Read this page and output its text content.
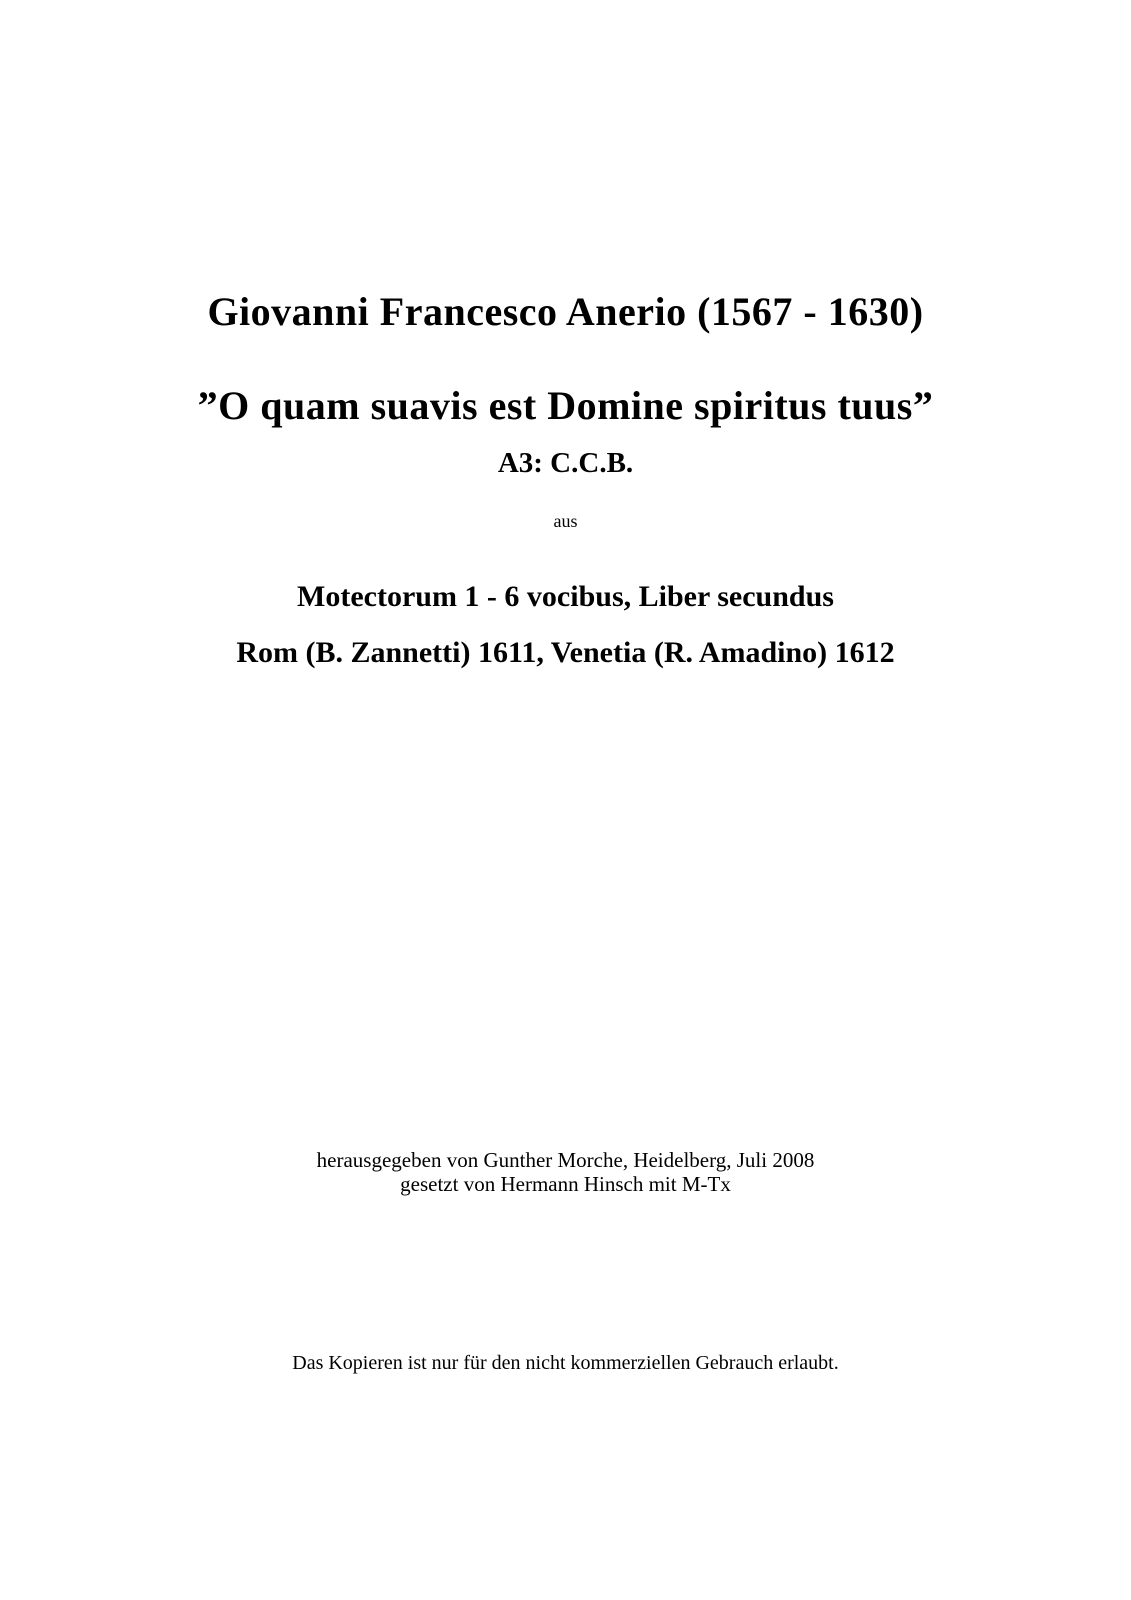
Giovanni Francesco Anerio (1567 - 1630)
”O quam suavis est Domine spiritus tuus”
A3: C.C.B.
aus
Motectorum 1 - 6 vocibus, Liber secundus
Rom (B. Zannetti) 1611, Venetia (R. Amadino) 1612
herausgegeben von Gunther Morche, Heidelberg, Juli 2008
gesetzt von Hermann Hinsch mit M-Tx
Das Kopieren ist nur für den nicht kommerziellen Gebrauch erlaubt.
